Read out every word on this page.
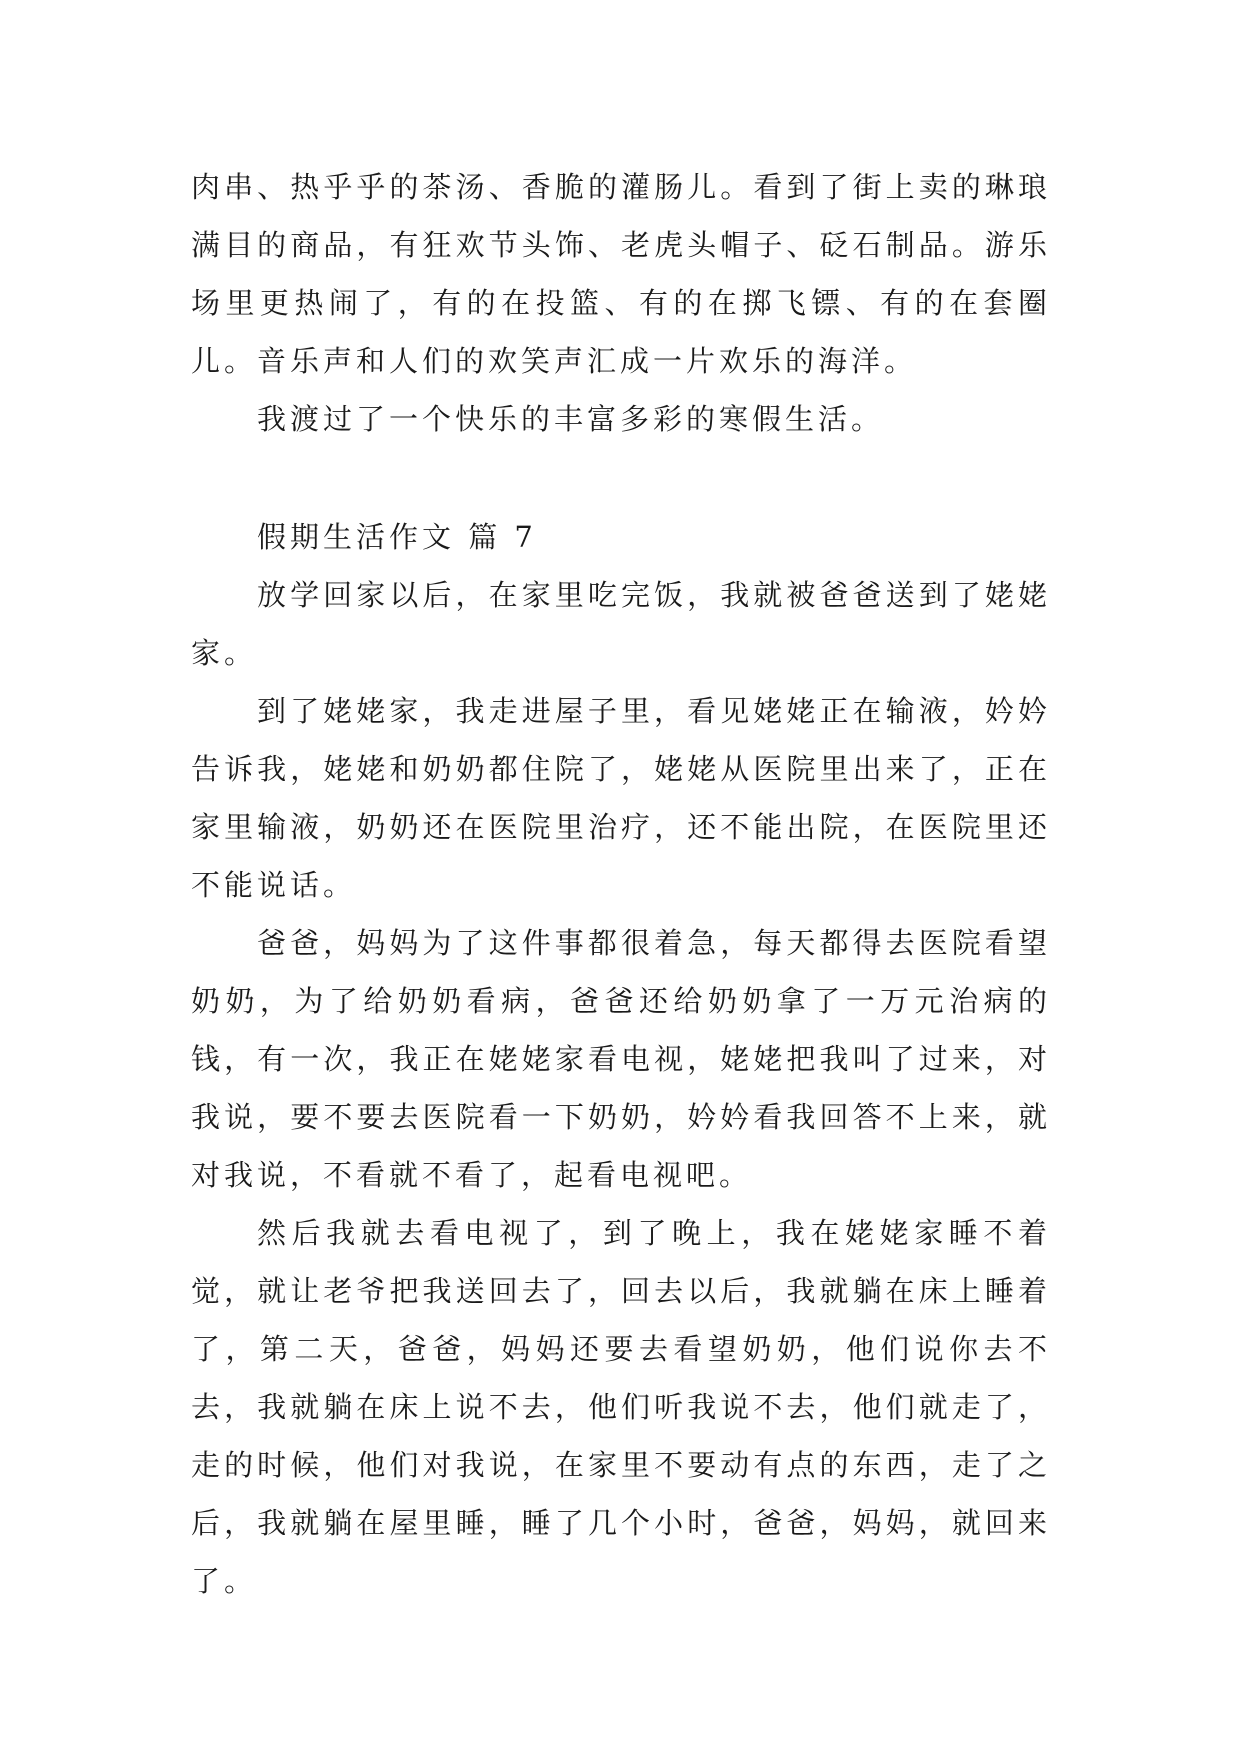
肉串、热乎乎的茶汤、香脆的灌肠儿。看到了街上卖的琳琅满目的商品，有狂欢节头饰、老虎头帽子、砭石制品。游乐场里更热闹了，有的在投篮、有的在掷飞镖、有的在套圈儿。音乐声和人们的欢笑声汇成一片欢乐的海洋。

我渡过了一个快乐的丰富多彩的寒假生活。

假期生活作文 篇 7

放学回家以后，在家里吃完饭，我就被爸爸送到了姥姥家。

到了姥姥家，我走进屋子里，看见姥姥正在输液，妗妗告诉我，姥姥和奶奶都住院了，姥姥从医院里出来了，正在家里输液，奶奶还在医院里治疗，还不能出院，在医院里还不能说话。

爸爸，妈妈为了这件事都很着急，每天都得去医院看望奶奶，为了给奶奶看病，爸爸还给奶奶拿了一万元治病的钱，有一次，我正在姥姥家看电视，姥姥把我叫了过来，对我说，要不要去医院看一下奶奶，妗妗看我回答不上来，就对我说，不看就不看了，起看电视吧。

然后我就去看电视了，到了晚上，我在姥姥家睡不着觉，就让老爷把我送回去了，回去以后，我就躺在床上睡着了，第二天，爸爸，妈妈还要去看望奶奶，他们说你去不去，我就躺在床上说不去，他们听我说不去，他们就走了，走的时候，他们对我说，在家里不要动有点的东西，走了之后，我就躺在屋里睡，睡了几个小时，爸爸，妈妈，就回来了。
